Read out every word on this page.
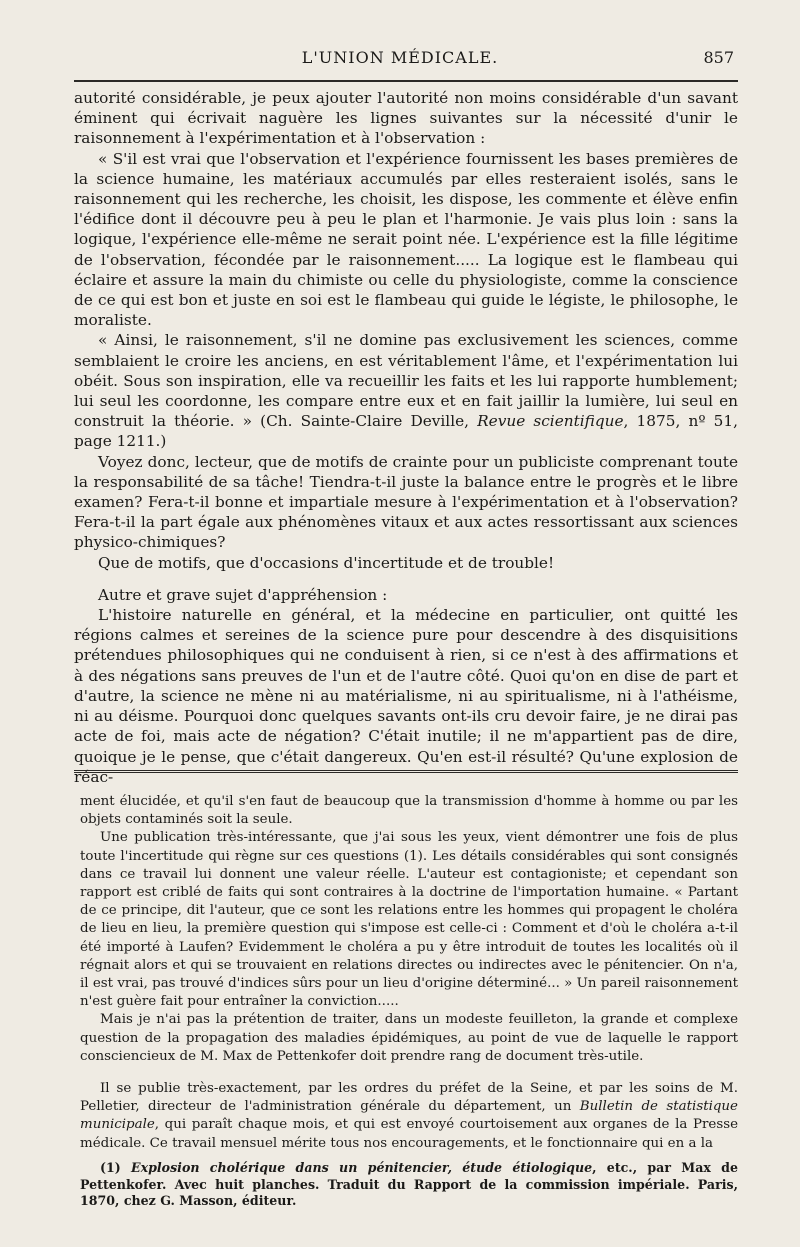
L'UNION MÉDICALE.	857

autorité considérable, je peux ajouter l'autorité non moins considérable d'un savant éminent qui écrivait naguère les lignes suivantes sur la nécessité d'unir le raisonnement à l'expérimentation et à l'observation :

« S'il est vrai que l'observation et l'expérience fournissent les bases premières de la science humaine, les matériaux accumulés par elles resteraient isolés, sans le raisonnement qui les recherche, les choisit, les dispose, les commente et élève enfin l'édifice dont il découvre peu à peu le plan et l'harmonie. Je vais plus loin : sans la logique, l'expérience elle-même ne serait point née. L'expérience est la fille légitime de l'observation, fécondée par le raisonnement..... La logique est le flambeau qui éclaire et assure la main du chimiste ou celle du physiologiste, comme la conscience de ce qui est bon et juste en soi est le flambeau qui guide le légiste, le philosophe, le moraliste.

« Ainsi, le raisonnement, s'il ne domine pas exclusivement les sciences, comme semblaient le croire les anciens, en est véritablement l'âme, et l'expérimentation lui obéit. Sous son inspiration, elle va recueillir les faits et les lui rapporte humblement; lui seul les coordonne, les compare entre eux et en fait jaillir la lumière, lui seul en construit la théorie. » (Ch. Sainte-Claire Deville, Revue scientifique, 1875, nº 51, page 1211.)

Voyez donc, lecteur, que de motifs de crainte pour un publiciste comprenant toute la responsabilité de sa tâche! Tiendra-t-il juste la balance entre le progrès et le libre examen? Fera-t-il bonne et impartiale mesure à l'expérimentation et à l'observation? Fera-t-il la part égale aux phénomènes vitaux et aux actes ressortissant aux sciences physico-chimiques?

Que de motifs, que d'occasions d'incertitude et de trouble!

Autre et grave sujet d'appréhension :

L'histoire naturelle en général, et la médecine en particulier, ont quitté les régions calmes et sereines de la science pure pour descendre à des disquisitions prétendues philosophiques qui ne conduisent à rien, si ce n'est à des affirmations et à des négations sans preuves de l'un et de l'autre côté. Quoi qu'on en dise de part et d'autre, la science ne mène ni au matérialisme, ni au spiritualisme, ni à l'athéisme, ni au déisme. Pourquoi donc quelques savants ont-ils cru devoir faire, je ne dirai pas acte de foi, mais acte de négation? C'était inutile; il ne m'appartient pas de dire, quoique je le pense, que c'était dangereux. Qu'en est-il résulté? Qu'une explosion de réac-

ment élucidée, et qu'il s'en faut de beaucoup que la transmission d'homme à homme ou par les objets contaminés soit la seule.

Une publication très-intéressante, que j'ai sous les yeux, vient démontrer une fois de plus toute l'incertitude qui règne sur ces questions (1). Les détails considérables qui sont consignés dans ce travail lui donnent une valeur réelle. L'auteur est contagioniste; et cependant son rapport est criblé de faits qui sont contraires à la doctrine de l'importation humaine. « Partant de ce principe, dit l'auteur, que ce sont les relations entre les hommes qui propagent le choléra de lieu en lieu, la première question qui s'impose est celle-ci : Comment et d'où le choléra a-t-il été importé à Laufen? Evidemment le choléra a pu y être introduit de toutes les localités où il régnait alors et qui se trouvaient en relations directes ou indirectes avec le pénitencier. On n'a, il est vrai, pas trouvé d'indices sûrs pour un lieu d'origine déterminé... » Un pareil raisonnement n'est guère fait pour entraîner la conviction.....

Mais je n'ai pas la prétention de traiter, dans un modeste feuilleton, la grande et complexe question de la propagation des maladies épidémiques, au point de vue de laquelle le rapport consciencieux de M. Max de Pettenkofer doit prendre rang de document très-utile.

Il se publie très-exactement, par les ordres du préfet de la Seine, et par les soins de M. Pelletier, directeur de l'administration générale du département, un Bulletin de statistique municipale, qui paraît chaque mois, et qui est envoyé courtoisement aux organes de la Presse médicale. Ce travail mensuel mérite tous nos encouragements, et le fonctionnaire qui en a la

(1) Explosion cholérique dans un pénitencier, étude étiologique, etc., par Max de Pettenkofer. Avec huit planches. Traduit du Rapport de la commission impériale. Paris, 1870, chez G. Masson, éditeur.
